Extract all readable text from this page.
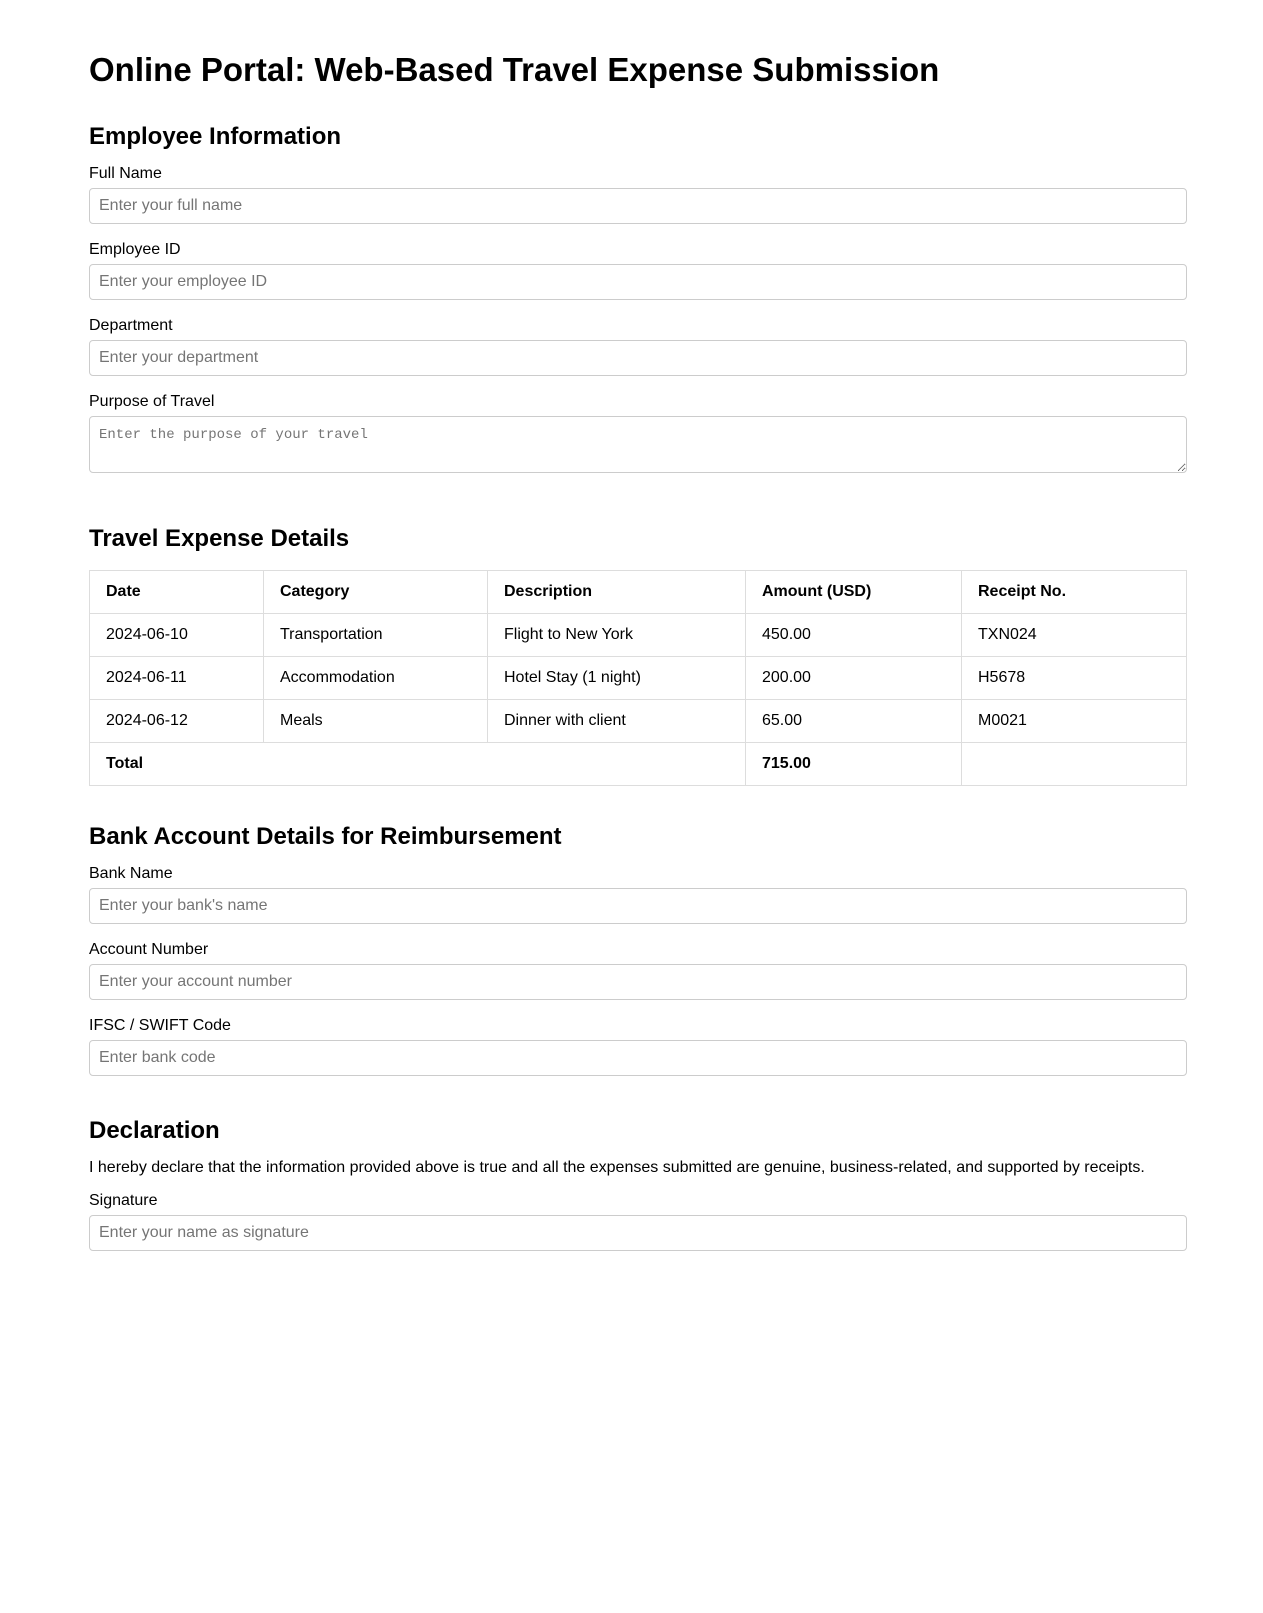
Online Portal: Web-Based Travel Expense Submission
Employee Information
Full Name
Enter your full name
Employee ID
Enter your employee ID
Department
Enter your department
Purpose of Travel
Enter the purpose of your travel
Travel Expense Details
Date	Category	Description	Amount (USD)	Receipt No.
2024-06-10	Transportation	Flight to New York	450.00	TXN024
2024-06-11	Accommodation	Hotel Stay (1 night)	200.00	H5678
2024-06-12	Meals	Dinner with client	65.00	M0021
Total			715.00	
Bank Account Details for Reimbursement
Bank Name
Enter your bank's name
Account Number
Enter your account number
IFSC / SWIFT Code
Enter bank code
Declaration

I hereby declare that the information provided above is true and all the expenses submitted are genuine, business-related, and supported by receipts.

Signature
Enter your name as signature
